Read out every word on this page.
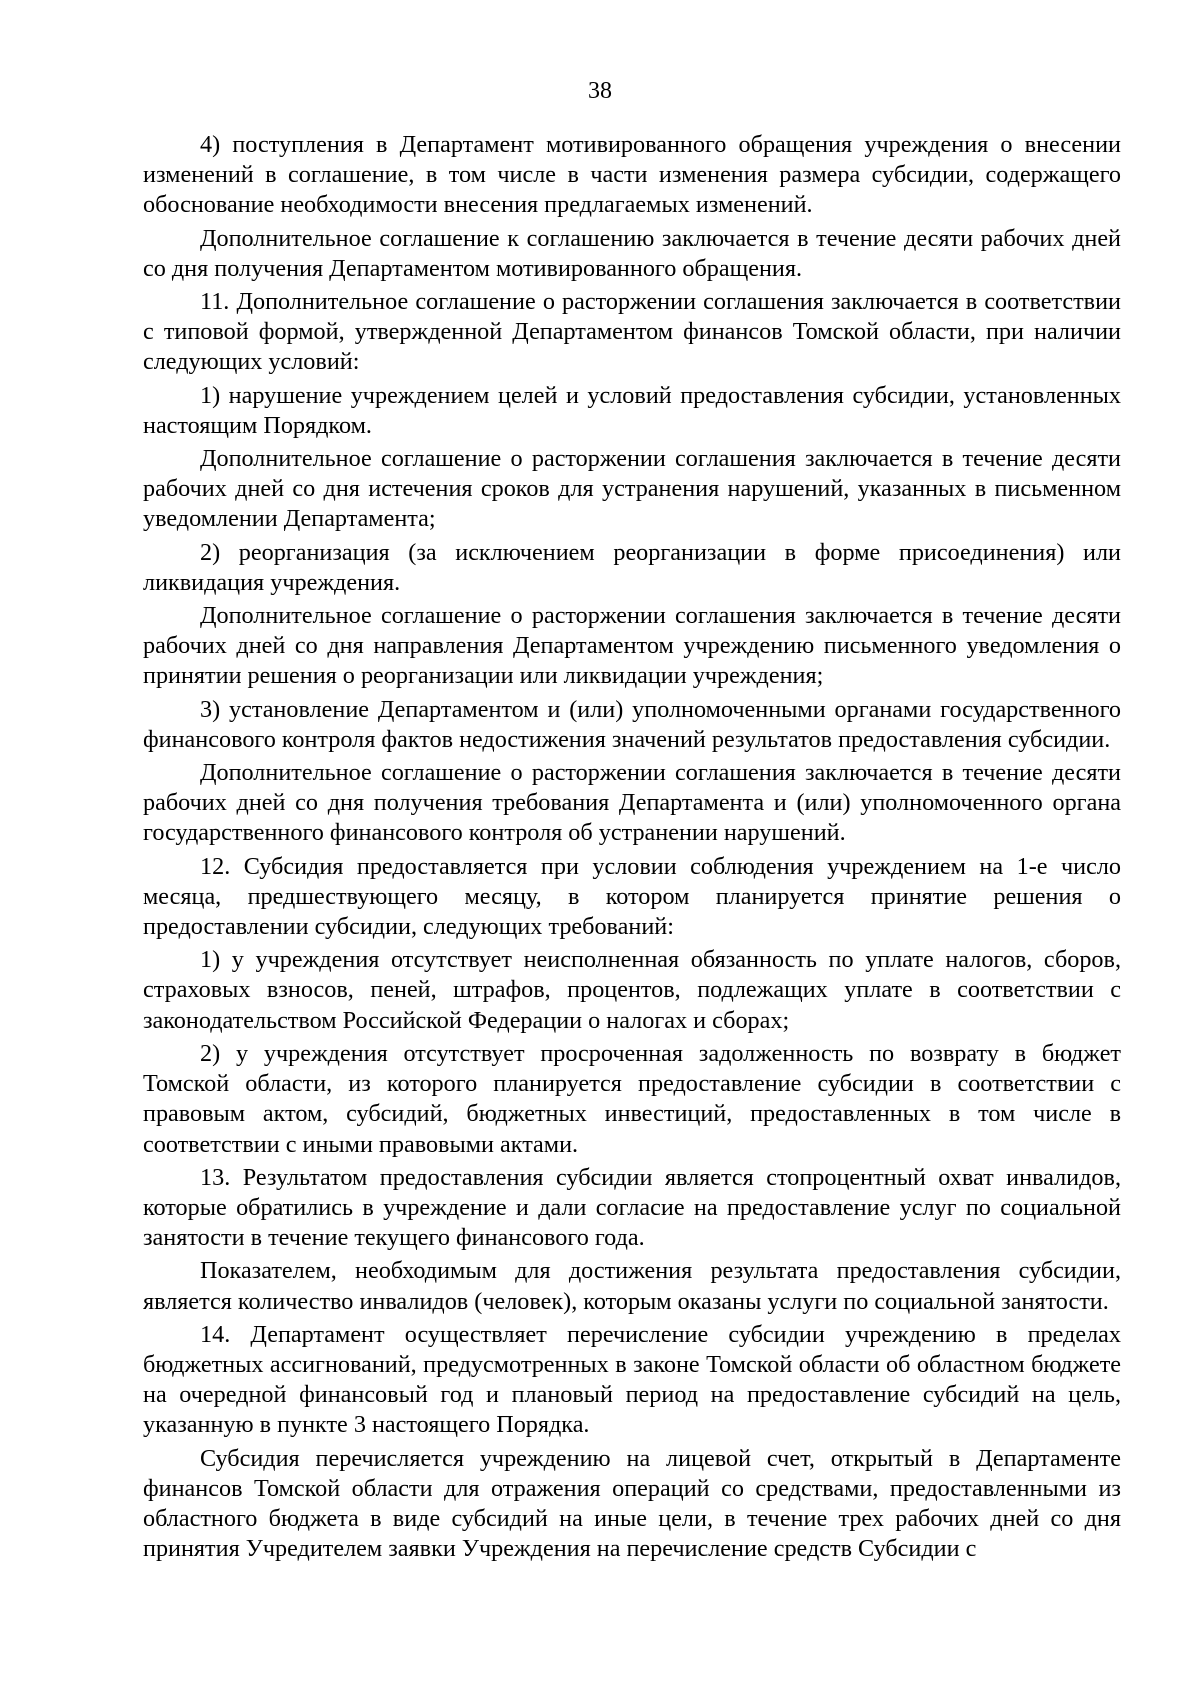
38

4) поступления в Департамент мотивированного обращения учреждения о внесении изменений в соглашение, в том числе в части изменения размера субсидии, содержащего обоснование необходимости внесения предлагаемых изменений.

Дополнительное соглашение к соглашению заключается в течение десяти рабочих дней со дня получения Департаментом мотивированного обращения.

11. Дополнительное соглашение о расторжении соглашения заключается в соответствии с типовой формой, утвержденной Департаментом финансов Томской области, при наличии следующих условий:

1) нарушение учреждением целей и условий предоставления субсидии, установленных настоящим Порядком.

Дополнительное соглашение о расторжении соглашения заключается в течение десяти рабочих дней со дня истечения сроков для устранения нарушений, указанных в письменном уведомлении Департамента;

2) реорганизация (за исключением реорганизации в форме присоединения) или ликвидация учреждения.

Дополнительное соглашение о расторжении соглашения заключается в течение десяти рабочих дней со дня направления Департаментом учреждению письменного уведомления о принятии решения о реорганизации или ликвидации учреждения;

3) установление Департаментом и (или) уполномоченными органами государственного финансового контроля фактов недостижения значений результатов предоставления субсидии.

Дополнительное соглашение о расторжении соглашения заключается в течение десяти рабочих дней со дня получения требования Департамента и (или) уполномоченного органа государственного финансового контроля об устранении нарушений.

12. Субсидия предоставляется при условии соблюдения учреждением на 1-е число месяца, предшествующего месяцу, в котором планируется принятие решения о предоставлении субсидии, следующих требований:

1) у учреждения отсутствует неисполненная обязанность по уплате налогов, сборов, страховых взносов, пеней, штрафов, процентов, подлежащих уплате в соответствии с законодательством Российской Федерации о налогах и сборах;

2) у учреждения отсутствует просроченная задолженность по возврату в бюджет Томской области, из которого планируется предоставление субсидии в соответствии с правовым актом, субсидий, бюджетных инвестиций, предоставленных в том числе в соответствии с иными правовыми актами.

13. Результатом предоставления субсидии является стопроцентный охват инвалидов, которые обратились в учреждение и дали согласие на предоставление услуг по социальной занятости в течение текущего финансового года.

Показателем, необходимым для достижения результата предоставления субсидии, является количество инвалидов (человек), которым оказаны услуги по социальной занятости.

14. Департамент осуществляет перечисление субсидии учреждению в пределах бюджетных ассигнований, предусмотренных в законе Томской области об областном бюджете на очередной финансовый год и плановый период на предоставление субсидий на цель, указанную в пункте 3 настоящего Порядка.

Субсидия перечисляется учреждению на лицевой счет, открытый в Департаменте финансов Томской области для отражения операций со средствами, предоставленными из областного бюджета в виде субсидий на иные цели, в течение трех рабочих дней со дня принятия Учредителем заявки Учреждения на перечисление средств Субсидии с
